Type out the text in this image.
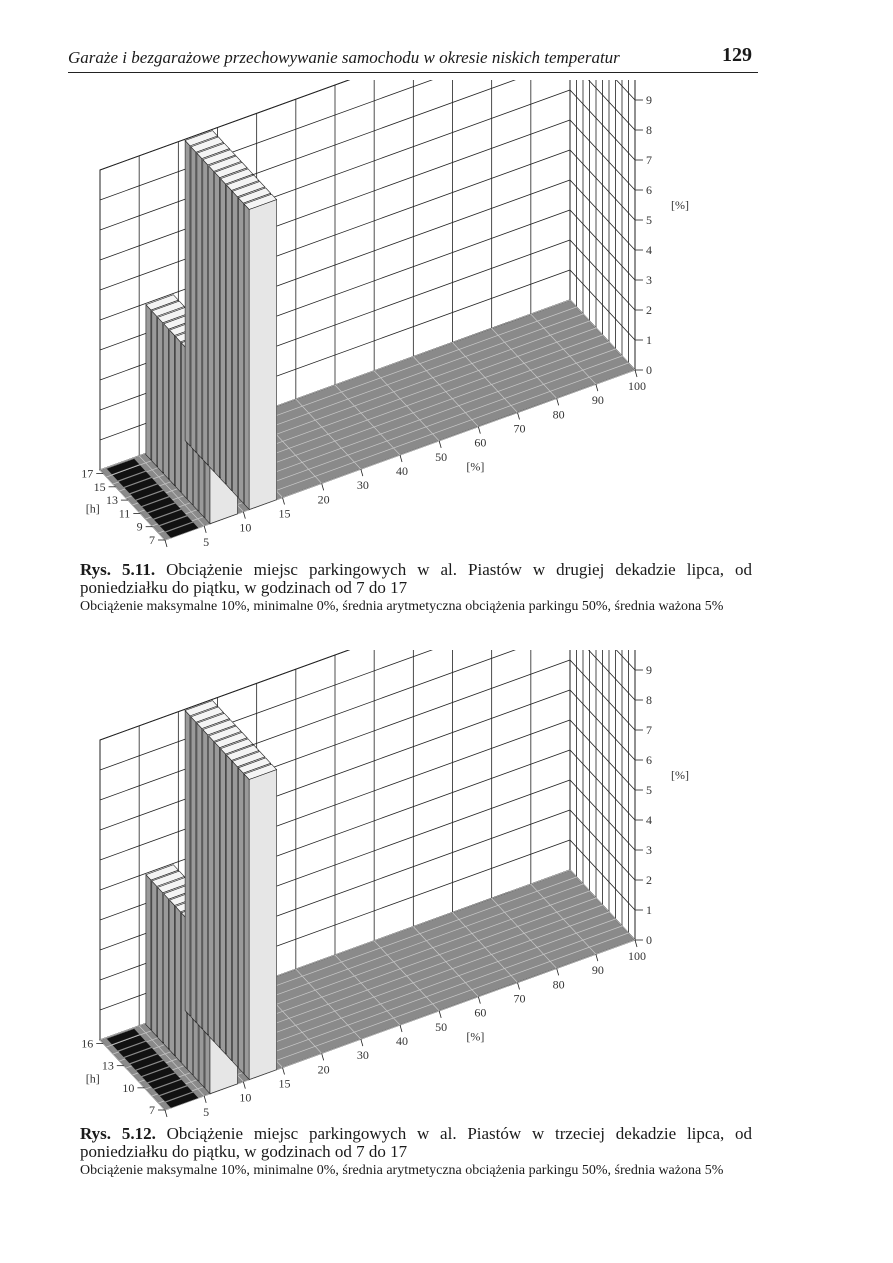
Garaże i bezgarażowe przechowywanie samochodu w okresie niskich temperatur	129
0
1
2
3
4
5
6
7
8
9
[%]
5
10
15
20
30
40
50
60
70
80
90
100
[%]
7
9
11
13
15
17
[h]
Rys. 5.11. Obciążenie miejsc parkingowych w al. Piastów w drugiej dekadzie lipca, od poniedziałku do piątku, w godzinach od 7 do 17
Obciążenie maksymalne 10%, minimalne 0%, średnia arytmetyczna obciążenia parkingu 50%, średnia ważona 5%
0
1
2
3
4
5
6
7
8
9
[%]
5
10
15
20
30
40
50
60
70
80
90
100
[%]
7
10
13
16
[h]
Rys. 5.12. Obciążenie miejsc parkingowych w al. Piastów w trzeciej dekadzie lipca, od poniedziałku do piątku, w godzinach od 7 do 17
Obciążenie maksymalne 10%, minimalne 0%, średnia arytmetyczna obciążenia parkingu 50%, średnia ważona 5%
